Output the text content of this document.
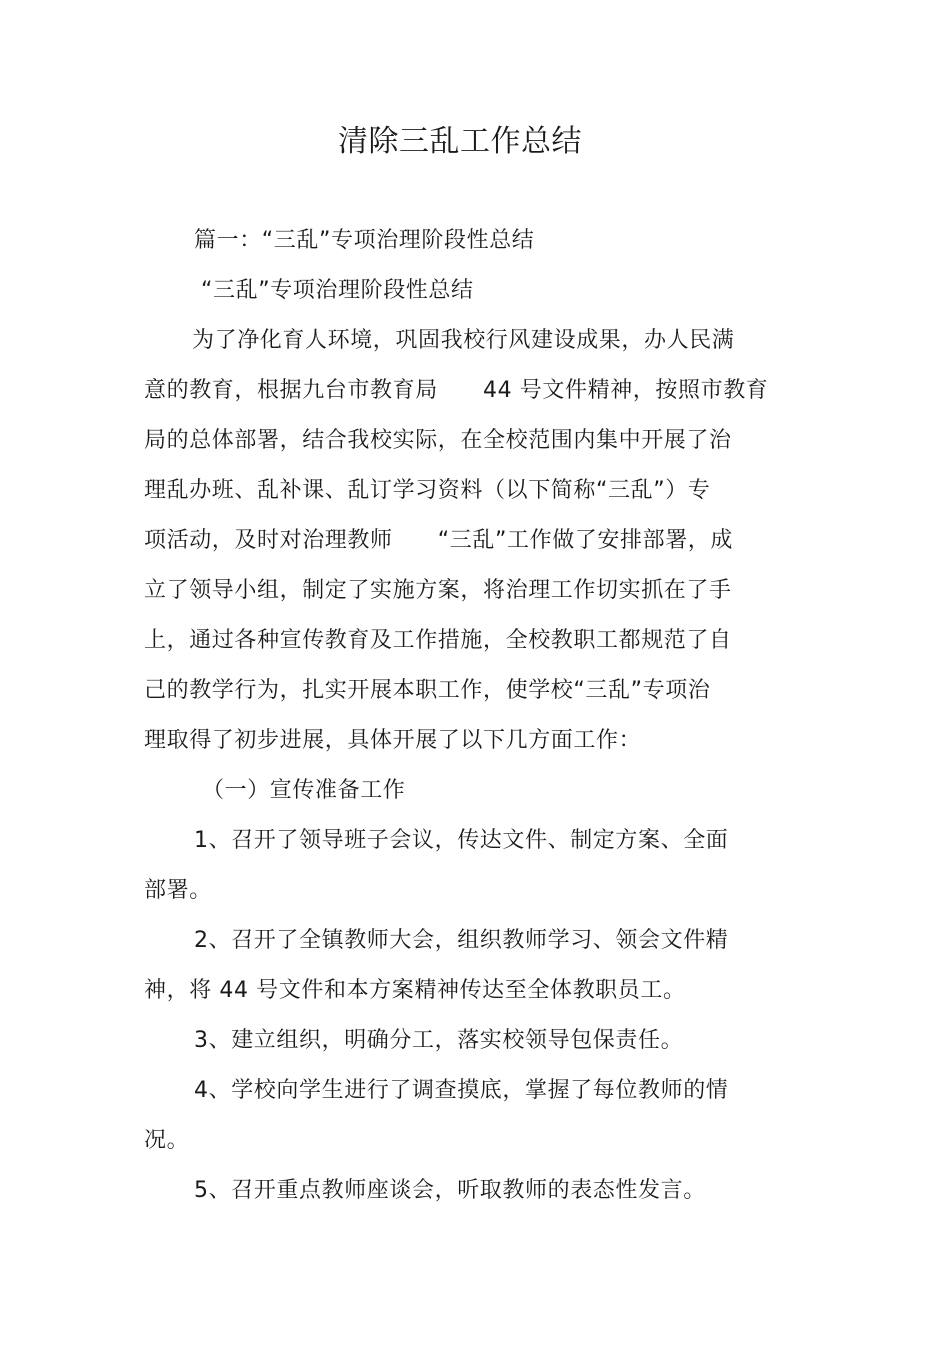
清除三乱工作总结
篇一：“三乱”专项治理阶段性总结
“三乱”专项治理阶段性总结
为了净化育人环境，巩固我校行风建设成果，办人民满
意的教育，根据九台市教育局　　44 号文件精神，按照市教育
局的总体部署，结合我校实际，在全校范围内集中开展了治
理乱办班、乱补课、乱订学习资料（以下简称“三乱”）专
项活动，及时对治理教师　　“三乱”工作做了安排部署，成
立了领导小组，制定了实施方案，将治理工作切实抓在了手
上，通过各种宣传教育及工作措施，全校教职工都规范了自
己的教学行为，扎实开展本职工作，使学校“三乱”专项治
理取得了初步进展，具体开展了以下几方面工作：
（一）宣传准备工作
1、召开了领导班子会议，传达文件、制定方案、全面
部署。
2、召开了全镇教师大会，组织教师学习、领会文件精
神，将 44 号文件和本方案精神传达至全体教职员工。
3、建立组织，明确分工，落实校领导包保责任。
4、学校向学生进行了调查摸底，掌握了每位教师的情
况。
5、召开重点教师座谈会，听取教师的表态性发言。
